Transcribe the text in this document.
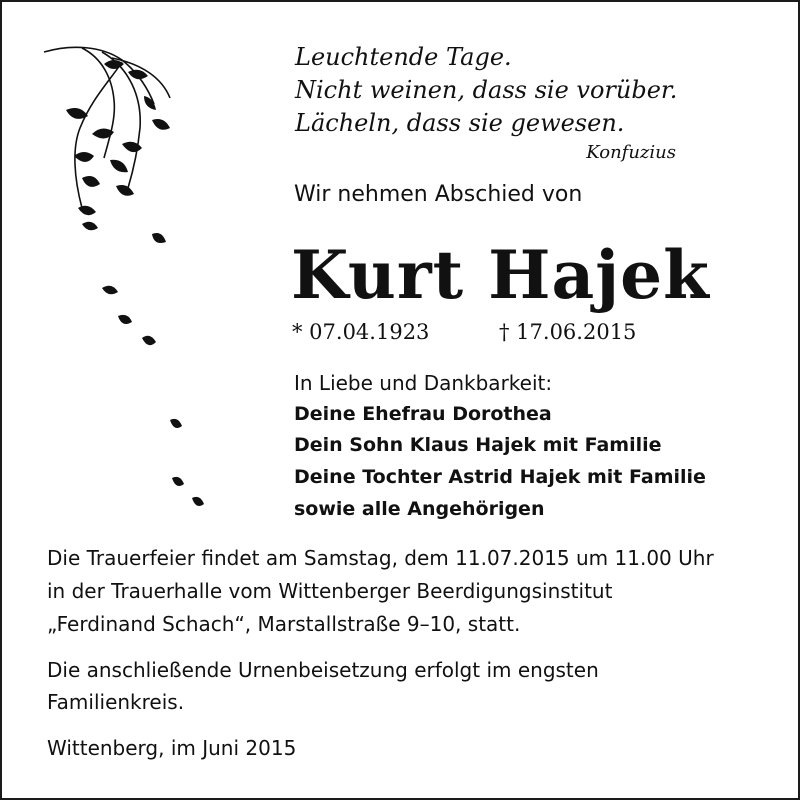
Leuchtende Tage.

Nicht weinen, dass sie vorüber.

Lächeln, dass sie gewesen.

Konfuzius

Wir nehmen Abschied von

Kurt Hajek

* 07.04.1923	† 17.06.2015

In Liebe und Dankbarkeit:

Deine Ehefrau Dorothea

Dein Sohn Klaus Hajek mit Familie

Deine Tochter Astrid Hajek mit Familie

sowie alle Angehörigen

Die Trauerfeier findet am Samstag, dem 11.07.2015 um 11.00 Uhr

in der Trauerhalle vom Wittenberger Beerdigungsinstitut

„Ferdinand Schach“, Marstallstraße 9–10, statt.

Die anschließende Urnenbeisetzung erfolgt im engsten

Familienkreis.

Wittenberg, im Juni 2015
